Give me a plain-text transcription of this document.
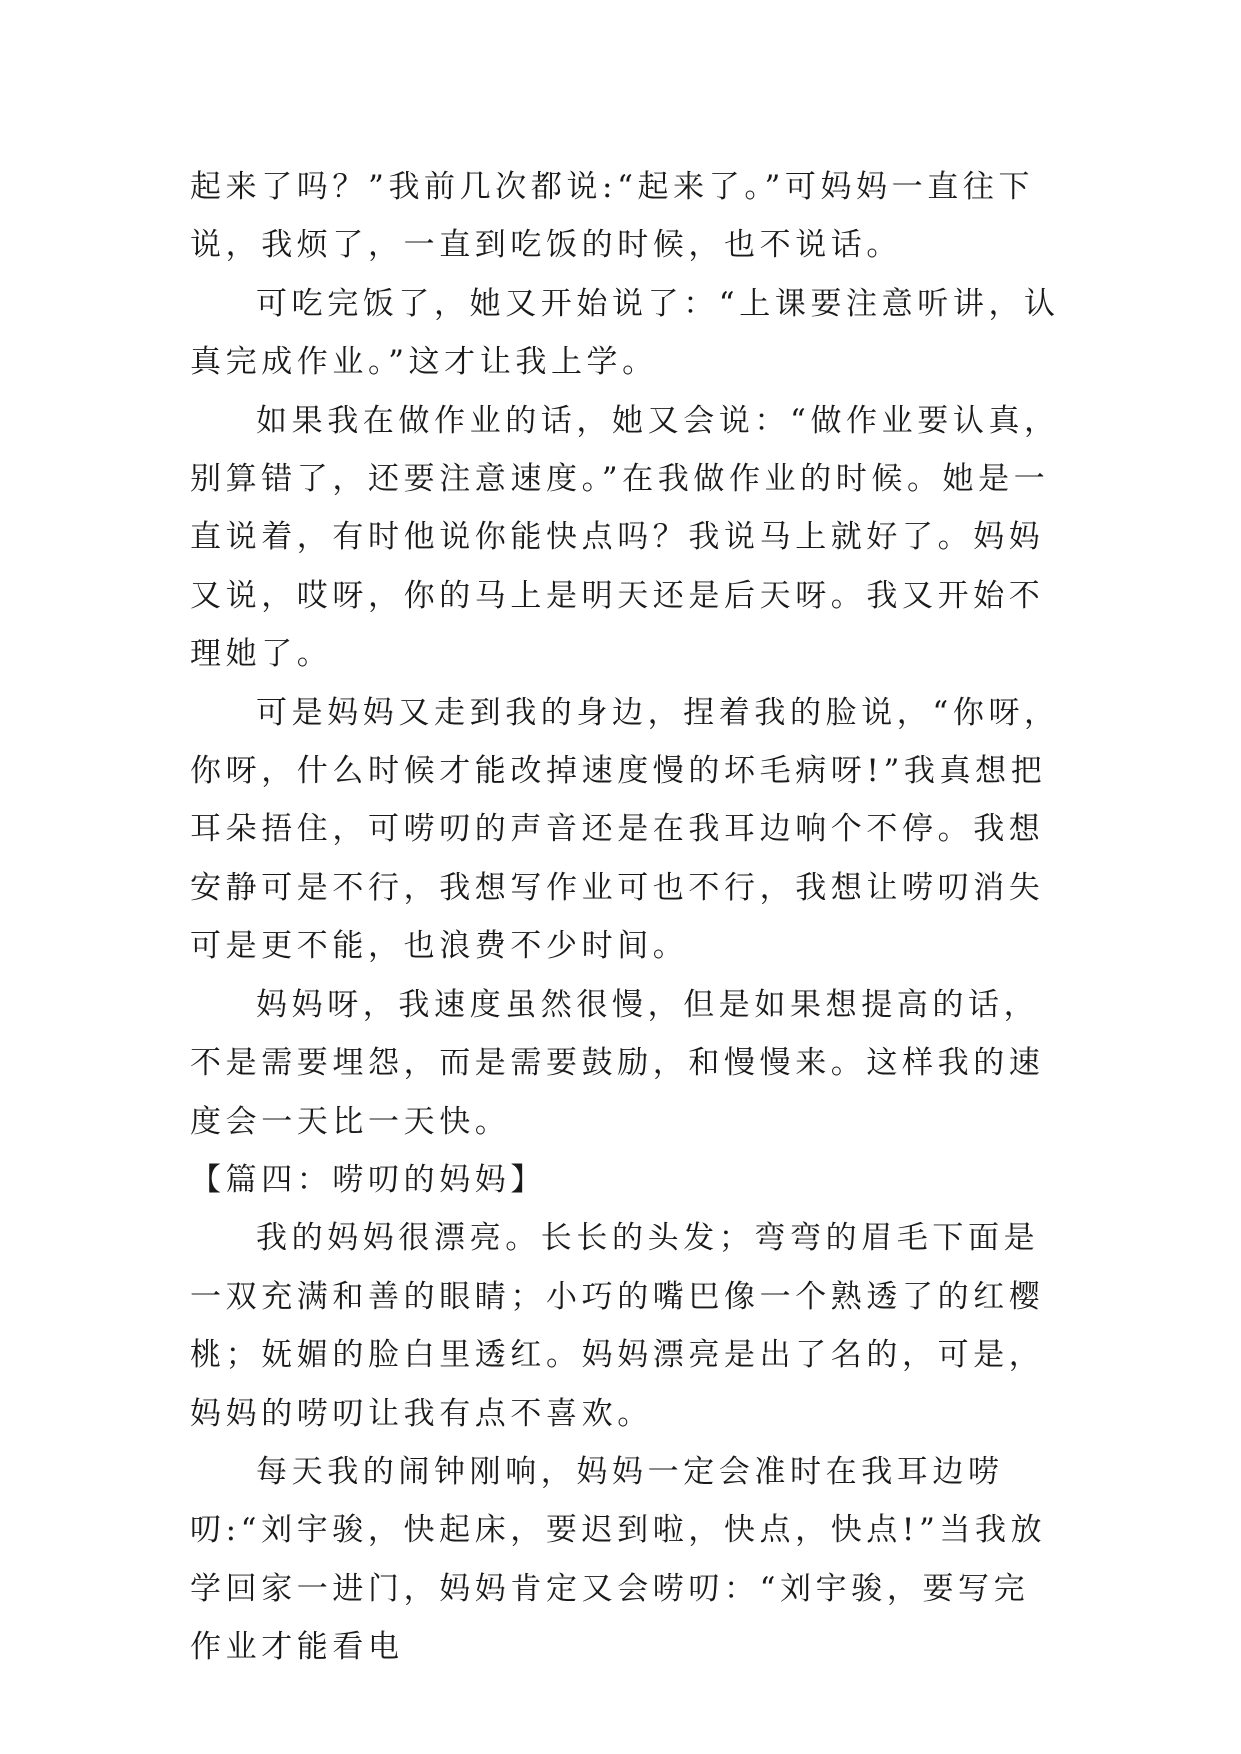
起来了吗？”我前几次都说:“起来了。”可妈妈一直往下说，我烦了，一直到吃饭的时候，也不说话。

可吃完饭了，她又开始说了：“上课要注意听讲，认真完成作业。”这才让我上学。

如果我在做作业的话，她又会说：“做作业要认真，别算错了，还要注意速度。”在我做作业的时候。她是一直说着，有时他说你能快点吗？我说马上就好了。妈妈又说，哎呀，你的马上是明天还是后天呀。我又开始不理她了。

可是妈妈又走到我的身边，捏着我的脸说，“你呀，你呀，什么时候才能改掉速度慢的坏毛病呀!”我真想把耳朵捂住，可唠叨的声音还是在我耳边响个不停。我想安静可是不行，我想写作业可也不行，我想让唠叨消失可是更不能，也浪费不少时间。

妈妈呀，我速度虽然很慢，但是如果想提高的话，不是需要埋怨，而是需要鼓励，和慢慢来。这样我的速度会一天比一天快。

【篇四：唠叨的妈妈】

我的妈妈很漂亮。长长的头发；弯弯的眉毛下面是一双充满和善的眼睛；小巧的嘴巴像一个熟透了的红樱桃；妩媚的脸白里透红。妈妈漂亮是出了名的，可是，妈妈的唠叨让我有点不喜欢。

每天我的闹钟刚响，妈妈一定会准时在我耳边唠叨:“刘宇骏，快起床，要迟到啦，快点，快点!”当我放学回家一进门，妈妈肯定又会唠叨：“刘宇骏，要写完作业才能看电
